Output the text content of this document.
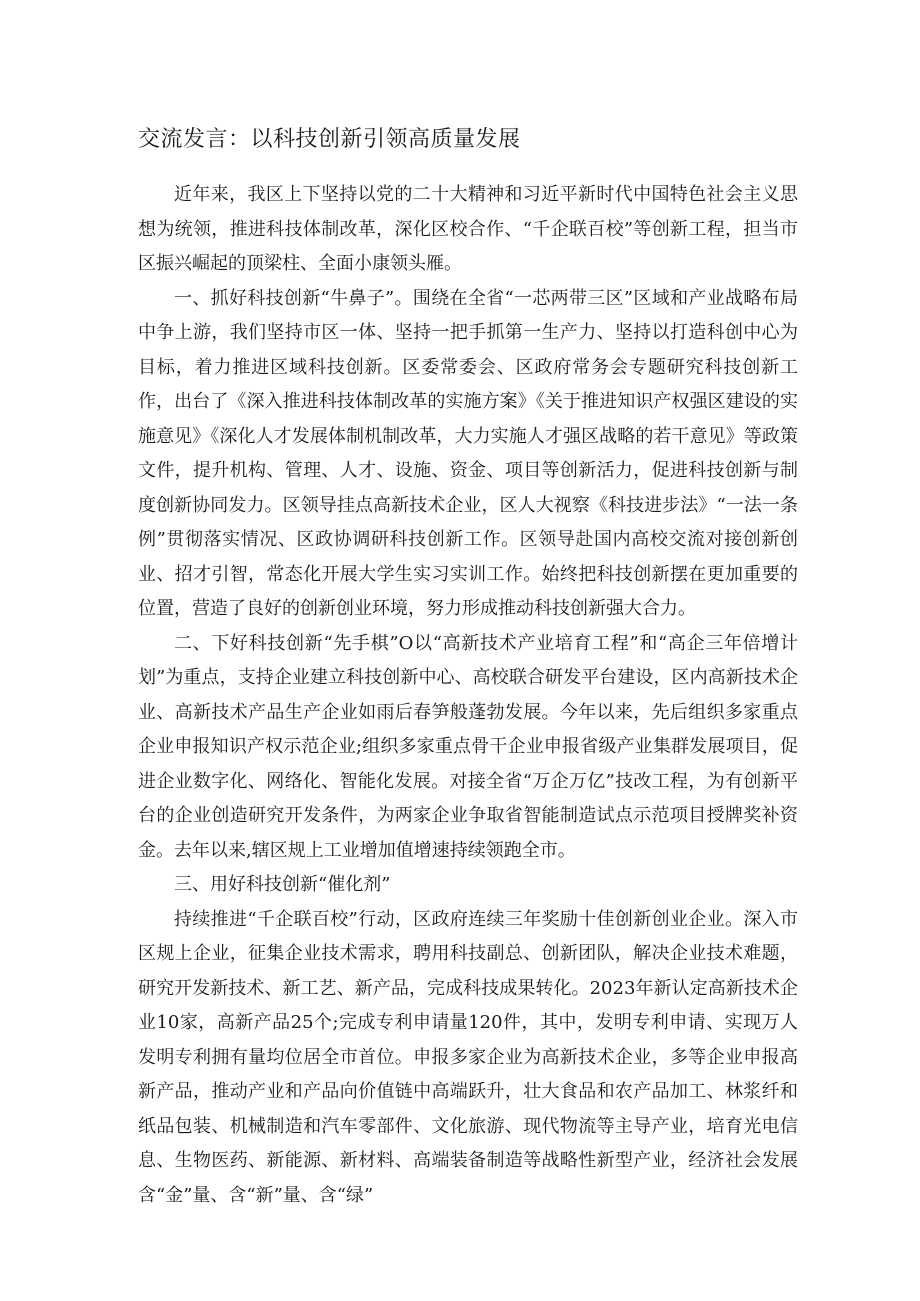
交流发言：以科技创新引领高质量发展

近年来，我区上下坚持以党的二十大精神和习近平新时代中国特色社会主义思想为统领，推进科技体制改革，深化区校合作、“千企联百校”等创新工程，担当市区振兴崛起的顶梁柱、全面小康领头雁。

一、抓好科技创新“牛鼻子”。围绕在全省“一芯两带三区”区域和产业战略布局中争上游，我们坚持市区一体、坚持一把手抓第一生产力、坚持以打造科创中心为目标，着力推进区域科技创新。区委常委会、区政府常务会专题研究科技创新工作，出台了《深入推进科技体制改革的实施方案》《关于推进知识产权强区建设的实施意见》《深化人才发展体制机制改革，大力实施人才强区战略的若干意见》等政策文件，提升机构、管理、人才、设施、资金、项目等创新活力，促进科技创新与制度创新协同发力。区领导挂点高新技术企业，区人大视察《科技进步法》“一法一条例”贯彻落实情况、区政协调研科技创新工作。区领导赴国内高校交流对接创新创业、招才引智，常态化开展大学生实习实训工作。始终把科技创新摆在更加重要的位置，营造了良好的创新创业环境，努力形成推动科技创新强大合力。

二、下好科技创新“先手棋”O以“高新技术产业培育工程”和“高企三年倍增计划”为重点，支持企业建立科技创新中心、高校联合研发平台建设，区内高新技术企业、高新技术产品生产企业如雨后春笋般蓬勃发展。今年以来，先后组织多家重点企业申报知识产权示范企业;组织多家重点骨干企业申报省级产业集群发展项目，促进企业数字化、网络化、智能化发展。对接全省“万企万亿”技改工程，为有创新平台的企业创造研究开发条件，为两家企业争取省智能制造试点示范项目授牌奖补资金。去年以来,辖区规上工业增加值增速持续领跑全市。

三、用好科技创新“催化剂”

持续推进“千企联百校”行动，区政府连续三年奖励十佳创新创业企业。深入市区规上企业，征集企业技术需求，聘用科技副总、创新团队，解决企业技术难题，研究开发新技术、新工艺、新产品，完成科技成果转化。2023年新认定高新技术企业10家，高新产品25个;完成专利申请量120件，其中，发明专利申请、实现万人发明专利拥有量均位居全市首位。申报多家企业为高新技术企业，多等企业申报高新产品，推动产业和产品向价值链中高端跃升，壮大食品和农产品加工、林浆纤和纸品包装、机械制造和汽车零部件、文化旅游、现代物流等主导产业，培育光电信息、生物医药、新能源、新材料、高端装备制造等战略性新型产业，经济社会发展含“金”量、含“新”量、含“绿”
